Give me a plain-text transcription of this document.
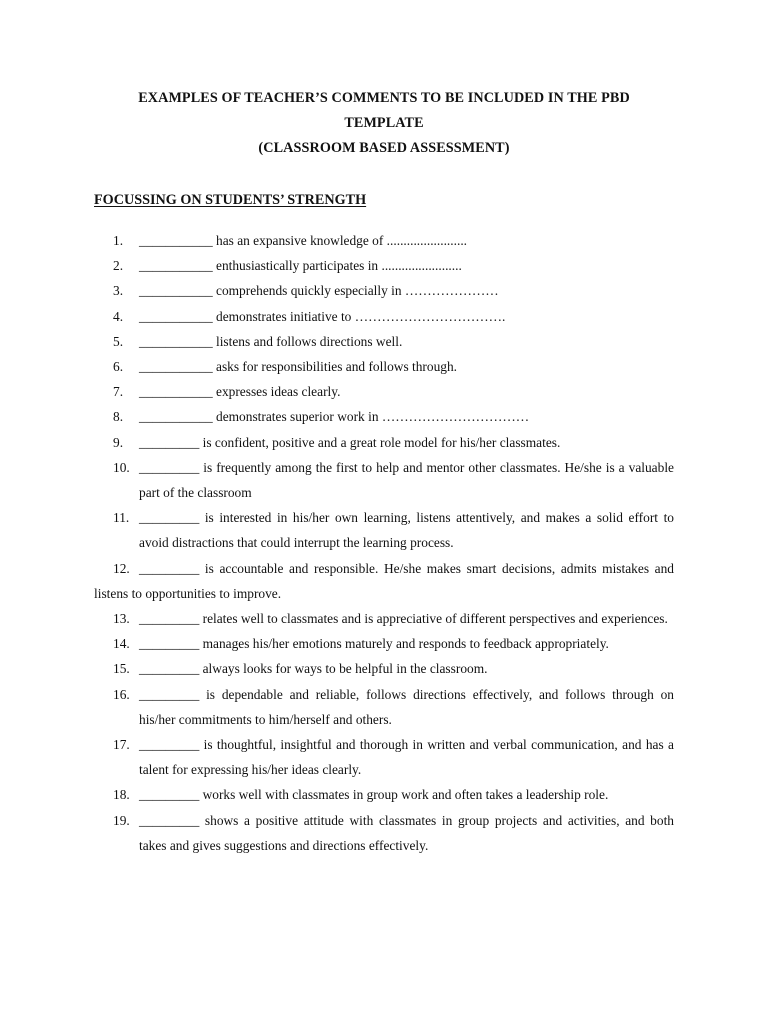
EXAMPLES OF TEACHER’S COMMENTS TO BE INCLUDED IN THE PBD
TEMPLATE
(CLASSROOM BASED ASSESSMENT)
FOCUSSING ON STUDENTS’ STRENGTH
1. ___________ has an expansive knowledge of ........................
2. ___________ enthusiastically participates in ........................
3. ___________ comprehends quickly especially in …………………
4. ___________ demonstrates initiative to …………………………….
5. ___________ listens and follows directions well.
6. ___________ asks for responsibilities and follows through.
7. ___________ expresses ideas clearly.
8. ___________ demonstrates superior work in ……………………………
9. _________ is confident, positive and a great role model for his/her classmates.
10. _________ is frequently among the first to help and mentor other classmates. He/she is a valuable part of the classroom
11. _________ is interested in his/her own learning, listens attentively, and makes a solid effort to avoid distractions that could interrupt the learning process.
12. _________ is accountable and responsible. He/she makes smart decisions, admits mistakes and listens to opportunities to improve.
13. _________ relates well to classmates and is appreciative of different perspectives and experiences.
14. _________ manages his/her emotions maturely and responds to feedback appropriately.
15. _________ always looks for ways to be helpful in the classroom.
16. _________ is dependable and reliable, follows directions effectively, and follows through on his/her commitments to him/herself and others.
17. _________ is thoughtful, insightful and thorough in written and verbal communication, and has a talent for expressing his/her ideas clearly.
18. _________ works well with classmates in group work and often takes a leadership role.
19. _________ shows a positive attitude with classmates in group projects and activities, and both takes and gives suggestions and directions effectively.
